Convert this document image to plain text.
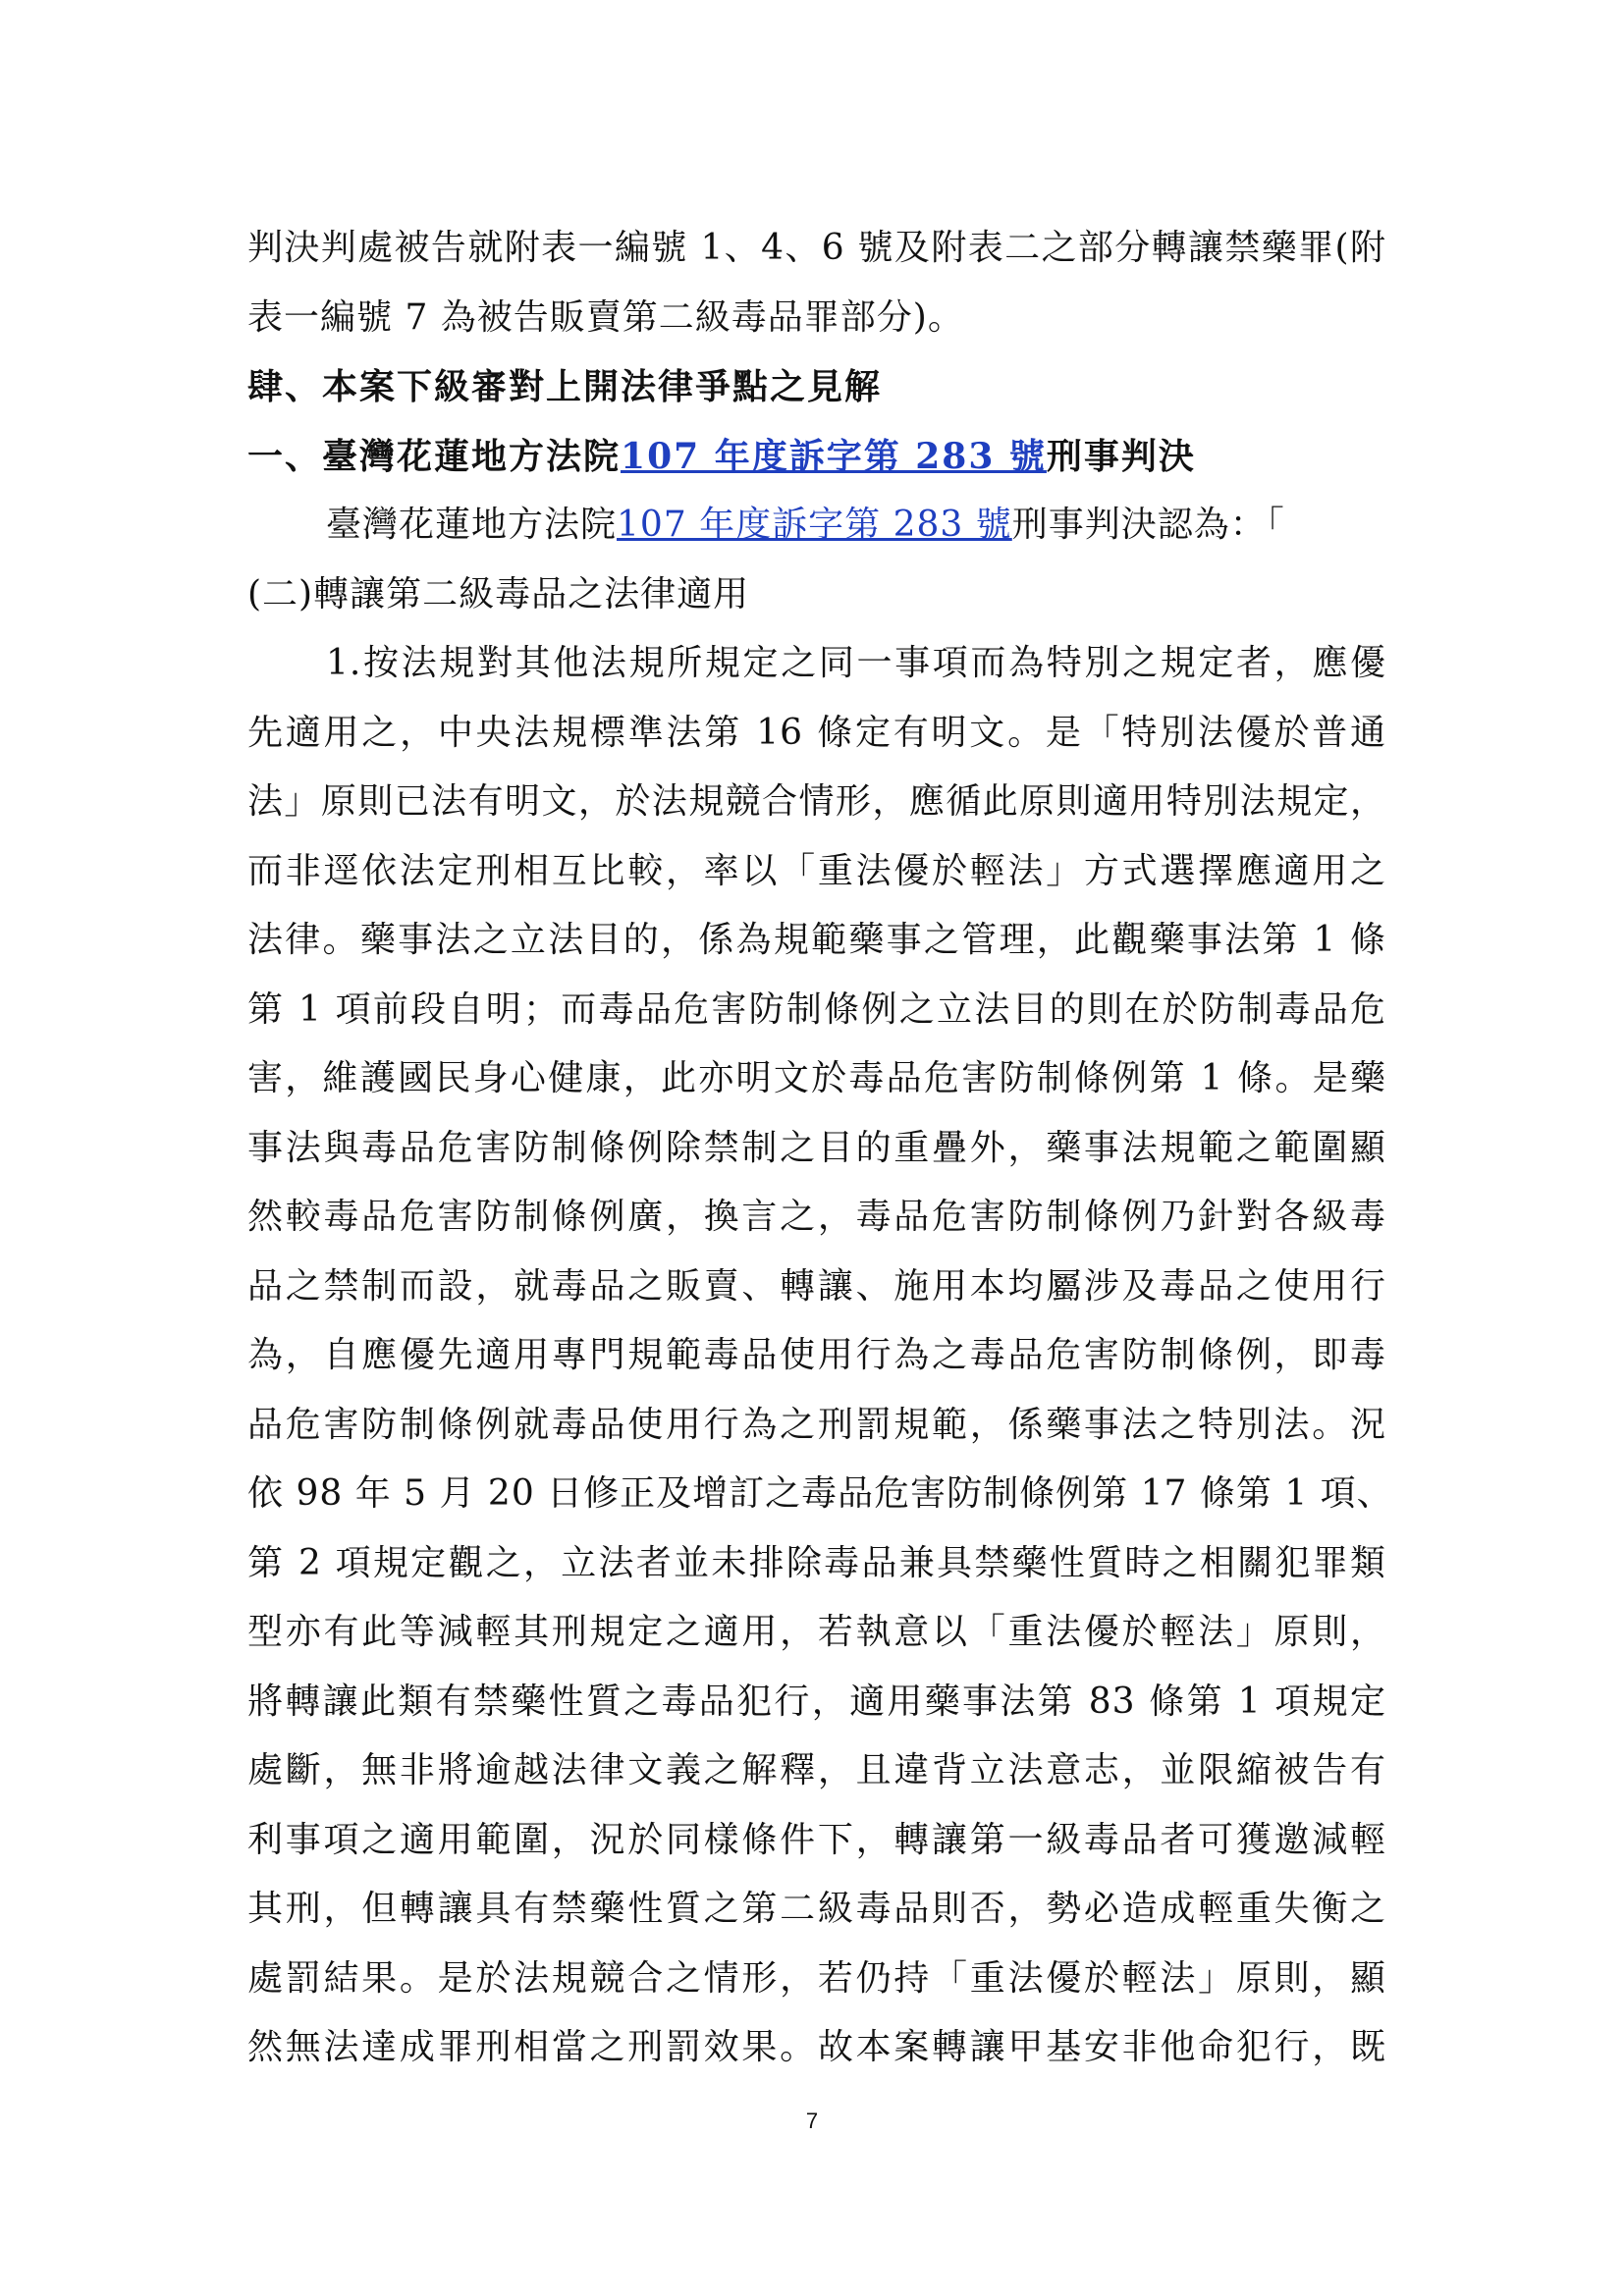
判決判處被告就附表一編號 1、4、6 號及附表二之部分轉讓禁藥罪(附
表一編號 7 為被告販賣第二級毒品罪部分)。
肆、本案下級審對上開法律爭點之見解
一、臺灣花蓮地方法院107 年度訴字第 283 號刑事判決
臺灣花蓮地方法院107 年度訴字第 283 號刑事判決認為：「
(二)轉讓第二級毒品之法律適用
1.按法規對其他法規所規定之同一事項而為特別之規定者，應優
先適用之，中央法規標準法第 16 條定有明文。是「特別法優於普通
法」原則已法有明文，於法規競合情形，應循此原則適用特別法規定，
而非逕依法定刑相互比較，率以「重法優於輕法」方式選擇應適用之
法律。藥事法之立法目的，係為規範藥事之管理，此觀藥事法第 1 條
第 1 項前段自明；而毒品危害防制條例之立法目的則在於防制毒品危
害，維護國民身心健康，此亦明文於毒品危害防制條例第 1 條。是藥
事法與毒品危害防制條例除禁制之目的重疊外，藥事法規範之範圍顯
然較毒品危害防制條例廣，換言之，毒品危害防制條例乃針對各級毒
品之禁制而設，就毒品之販賣、轉讓、施用本均屬涉及毒品之使用行
為，自應優先適用專門規範毒品使用行為之毒品危害防制條例，即毒
品危害防制條例就毒品使用行為之刑罰規範，係藥事法之特別法。況
依 98 年 5 月 20 日修正及增訂之毒品危害防制條例第 17 條第 1 項、
第 2 項規定觀之，立法者並未排除毒品兼具禁藥性質時之相關犯罪類
型亦有此等減輕其刑規定之適用，若執意以「重法優於輕法」原則，
將轉讓此類有禁藥性質之毒品犯行，適用藥事法第 83 條第 1 項規定
處斷，無非將逾越法律文義之解釋，且違背立法意志，並限縮被告有
利事項之適用範圍，況於同樣條件下，轉讓第一級毒品者可獲邀減輕
其刑，但轉讓具有禁藥性質之第二級毒品則否，勢必造成輕重失衡之
處罰結果。是於法規競合之情形，若仍持「重法優於輕法」原則，顯
然無法達成罪刑相當之刑罰效果。故本案轉讓甲基安非他命犯行，既
7
